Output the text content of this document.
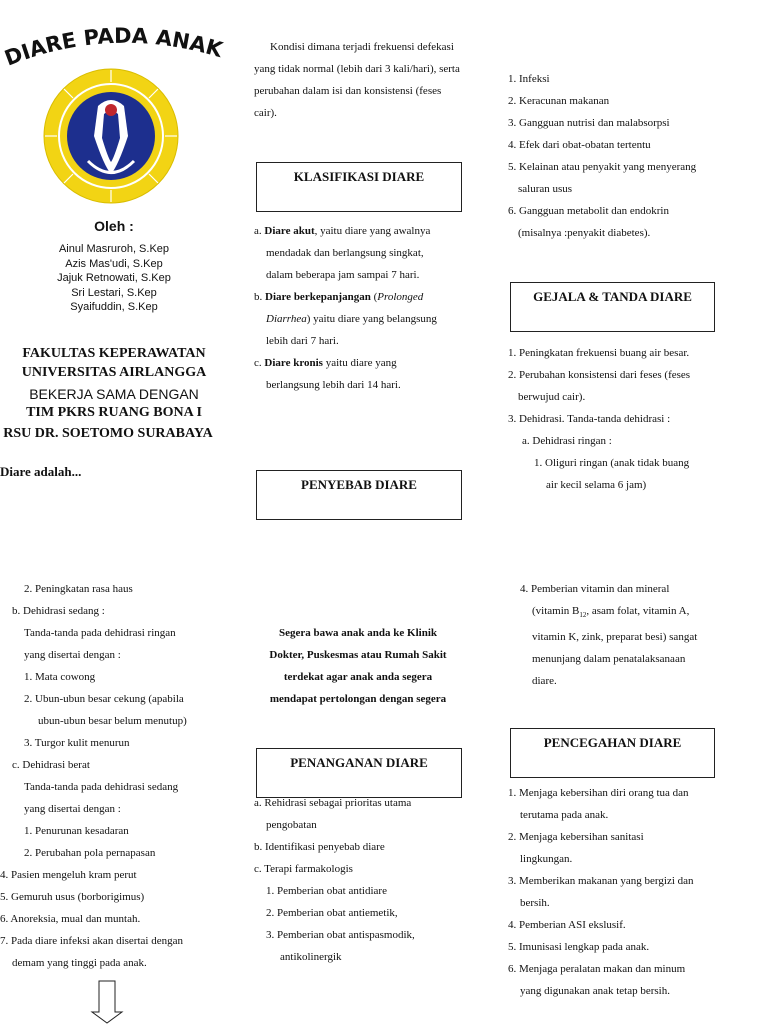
DIARE PADA ANAK
Oleh :
Ainul Masruroh, S.Kep
Azis Mas'udi, S.Kep
Jajuk Retnowati, S.Kep
Sri Lestari, S.Kep
Syaifuddin, S.Kep
FAKULTAS KEPERAWATAN
UNIVERSITAS AIRLANGGA
BEKERJA SAMA DENGAN
TIM PKRS RUANG BONA I
RSU DR. SOETOMO SURABAYA
Diare adalah...
Kondisi dimana terjadi frekuensi defekasi yang tidak normal (lebih dari 3 kali/hari), serta perubahan dalam isi dan konsistensi (feses cair).
KLASIFIKASI DIARE
a. Diare akut, yaitu diare yang awalnya
mendadak dan berlangsung singkat,
dalam beberapa jam sampai 7 hari.
b. Diare berkepanjangan (Prolonged
Diarrhea) yaitu diare yang belangsung
lebih dari 7 hari.
c. Diare kronis yaitu diare yang
berlangsung lebih dari 14 hari.
PENYEBAB DIARE
1. Infeksi
2. Keracunan makanan
3. Gangguan nutrisi dan malabsorpsi
4. Efek dari obat-obatan tertentu
5. Kelainan atau penyakit yang menyerang
saluran usus
6. Gangguan metabolit dan endokrin
(misalnya :penyakit diabetes).
GEJALA & TANDA DIARE
1. Peningkatan frekuensi buang air besar.
2. Perubahan konsistensi dari feses (feses
berwujud cair).
3. Dehidrasi. Tanda-tanda dehidrasi :
a. Dehidrasi ringan :
1. Oliguri ringan (anak tidak buang
air kecil selama 6 jam)
2. Peningkatan rasa haus
b. Dehidrasi sedang :
Tanda-tanda pada dehidrasi ringan
yang disertai dengan :
1. Mata cowong
2. Ubun-ubun besar cekung (apabila
ubun-ubun besar belum menutup)
3. Turgor kulit menurun
c. Dehidrasi berat
Tanda-tanda pada dehidrasi sedang
yang disertai dengan :
1. Penurunan kesadaran
2. Perubahan pola pernapasan
4. Pasien mengeluh kram perut
5. Gemuruh usus (borborigimus)
6. Anoreksia, mual dan muntah.
7. Pada diare infeksi akan disertai dengan
demam yang tinggi pada anak.
Segera bawa anak anda ke Klinik
Dokter, Puskesmas atau Rumah Sakit
terdekat agar anak anda segera
mendapat pertolongan dengan segera
PENANGANAN DIARE
a. Rehidrasi sebagai prioritas utama
pengobatan
b. Identifikasi penyebab diare
c. Terapi farmakologis
1. Pemberian obat antidiare
2. Pemberian obat antiemetik,
3. Pemberian obat antispasmodik,
antikolinergik
4. Pemberian vitamin dan mineral
(vitamin $B_{12}$, asam folat, vitamin A,
vitamin K, zink, preparat besi) sangat
menunjang dalam penatalaksanaan
diare.
PENCEGAHAN DIARE
1. Menjaga kebersihan diri orang tua dan
terutama pada anak.
2. Menjaga kebersihan sanitasi
lingkungan.
3. Memberikan makanan yang bergizi dan
bersih.
4. Pemberian ASI ekslusif.
5. Imunisasi lengkap pada anak.
6. Menjaga peralatan makan dan minum
yang digunakan anak tetap bersih.
